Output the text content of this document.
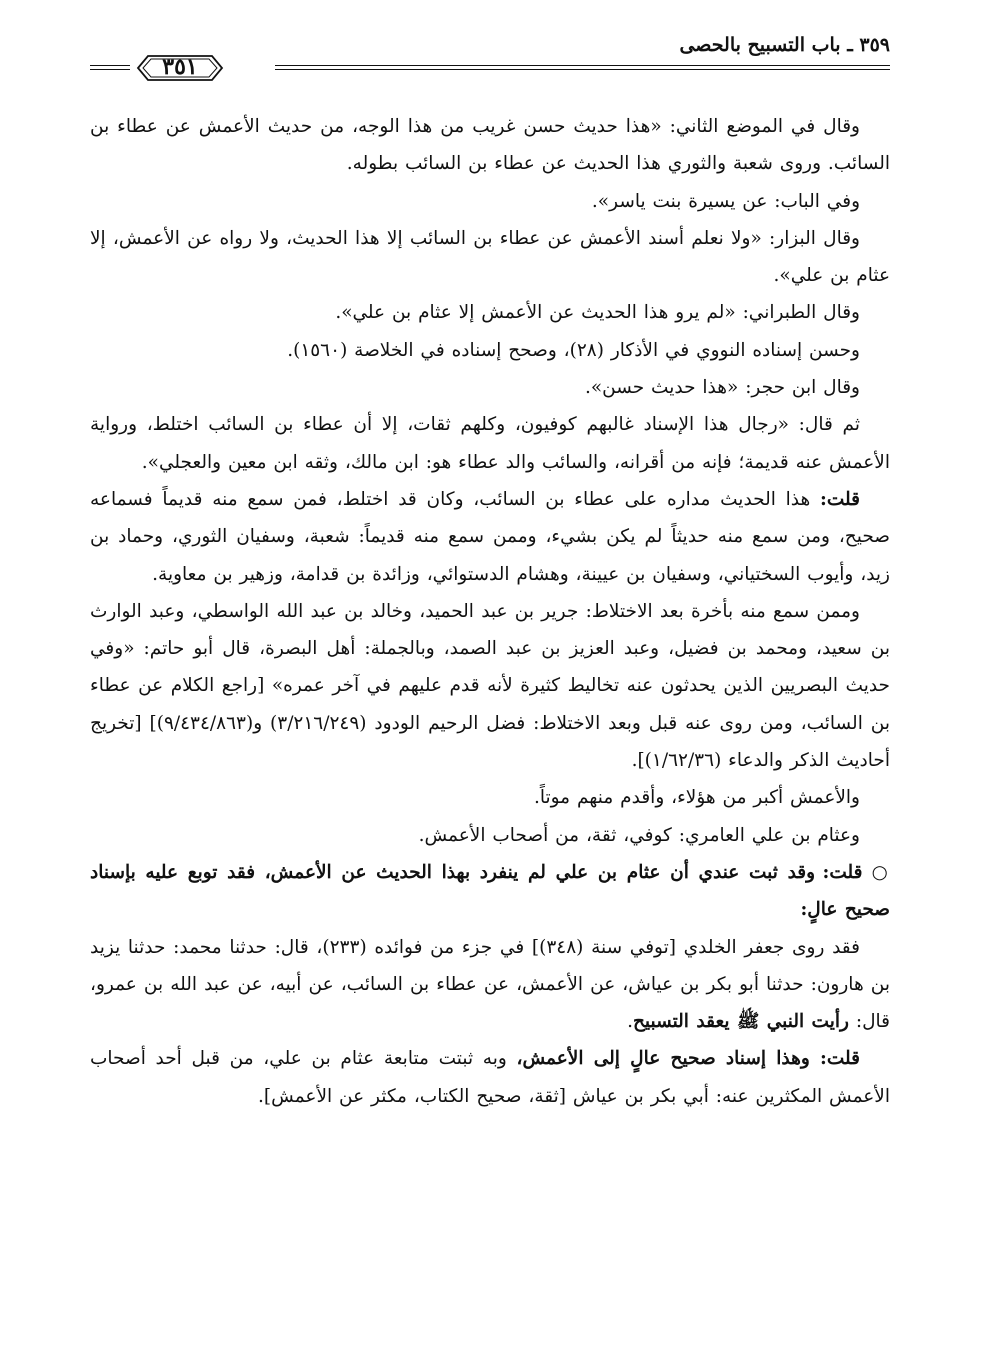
٣٥٩ ـ باب التسبيح بالحصى
٣٥١

وقال في الموضع الثاني: «هذا حديث حسن غريب من هذا الوجه، من حديث الأعمش عن عطاء بن السائب. وروى شعبة والثوري هذا الحديث عن عطاء بن السائب بطوله.

وفي الباب: عن يسيرة بنت ياسر».

وقال البزار: «ولا نعلم أسند الأعمش عن عطاء بن السائب إلا هذا الحديث، ولا رواه عن الأعمش، إلا عثام بن علي».

وقال الطبراني: «لم يرو هذا الحديث عن الأعمش إلا عثام بن علي».

وحسن إسناده النووي في الأذكار (٢٨)، وصحح إسناده في الخلاصة (١٥٦٠).

وقال ابن حجر: «هذا حديث حسن».

ثم قال: «رجال هذا الإسناد غالبهم كوفيون، وكلهم ثقات، إلا أن عطاء بن السائب اختلط، ورواية الأعمش عنه قديمة؛ فإنه من أقرانه، والسائب والد عطاء هو: ابن مالك، وثقه ابن معين والعجلي».

قلت: هذا الحديث مداره على عطاء بن السائب، وكان قد اختلط، فمن سمع منه قديماً فسماعه صحيح، ومن سمع منه حديثاً لم يكن بشيء، وممن سمع منه قديماً: شعبة، وسفيان الثوري، وحماد بن زيد، وأيوب السختياني، وسفيان بن عيينة، وهشام الدستوائي، وزائدة بن قدامة، وزهير بن معاوية.

وممن سمع منه بأخرة بعد الاختلاط: جرير بن عبد الحميد، وخالد بن عبد الله الواسطي، وعبد الوارث بن سعيد، ومحمد بن فضيل، وعبد العزيز بن عبد الصمد، وبالجملة: أهل البصرة، قال أبو حاتم: «وفي حديث البصريين الذين يحدثون عنه تخاليط كثيرة لأنه قدم عليهم في آخر عمره» [راجع الكلام عن عطاء بن السائب، ومن روى عنه قبل وبعد الاختلاط: فضل الرحيم الودود (٣/٢١٦/٢٤٩) و(٩/٤٣٤/٨٦٣)] [تخريج أحاديث الذكر والدعاء (١/٦٢/٣٦)].

والأعمش أكبر من هؤلاء، وأقدم منهم موتاً.

وعثام بن علي العامري: كوفي، ثقة، من أصحاب الأعمش.

○ قلت: وقد ثبت عندي أن عثام بن علي لم ينفرد بهذا الحديث عن الأعمش، فقد توبع عليه بإسناد صحيح عالٍ:

فقد روى جعفر الخلدي [توفي سنة (٣٤٨)] في جزء من فوائده (٢٣٣)، قال: حدثنا محمد: حدثنا يزيد بن هارون: حدثنا أبو بكر بن عياش، عن الأعمش، عن عطاء بن السائب، عن أبيه، عن عبد الله بن عمرو، قال: رأيت النبي ﷺ يعقد التسبيح.

قلت: وهذا إسناد صحيح عالٍ إلى الأعمش، وبه ثبتت متابعة عثام بن علي، من قبل أحد أصحاب الأعمش المكثرين عنه: أبي بكر بن عياش [ثقة، صحيح الكتاب، مكثر عن الأعمش].
